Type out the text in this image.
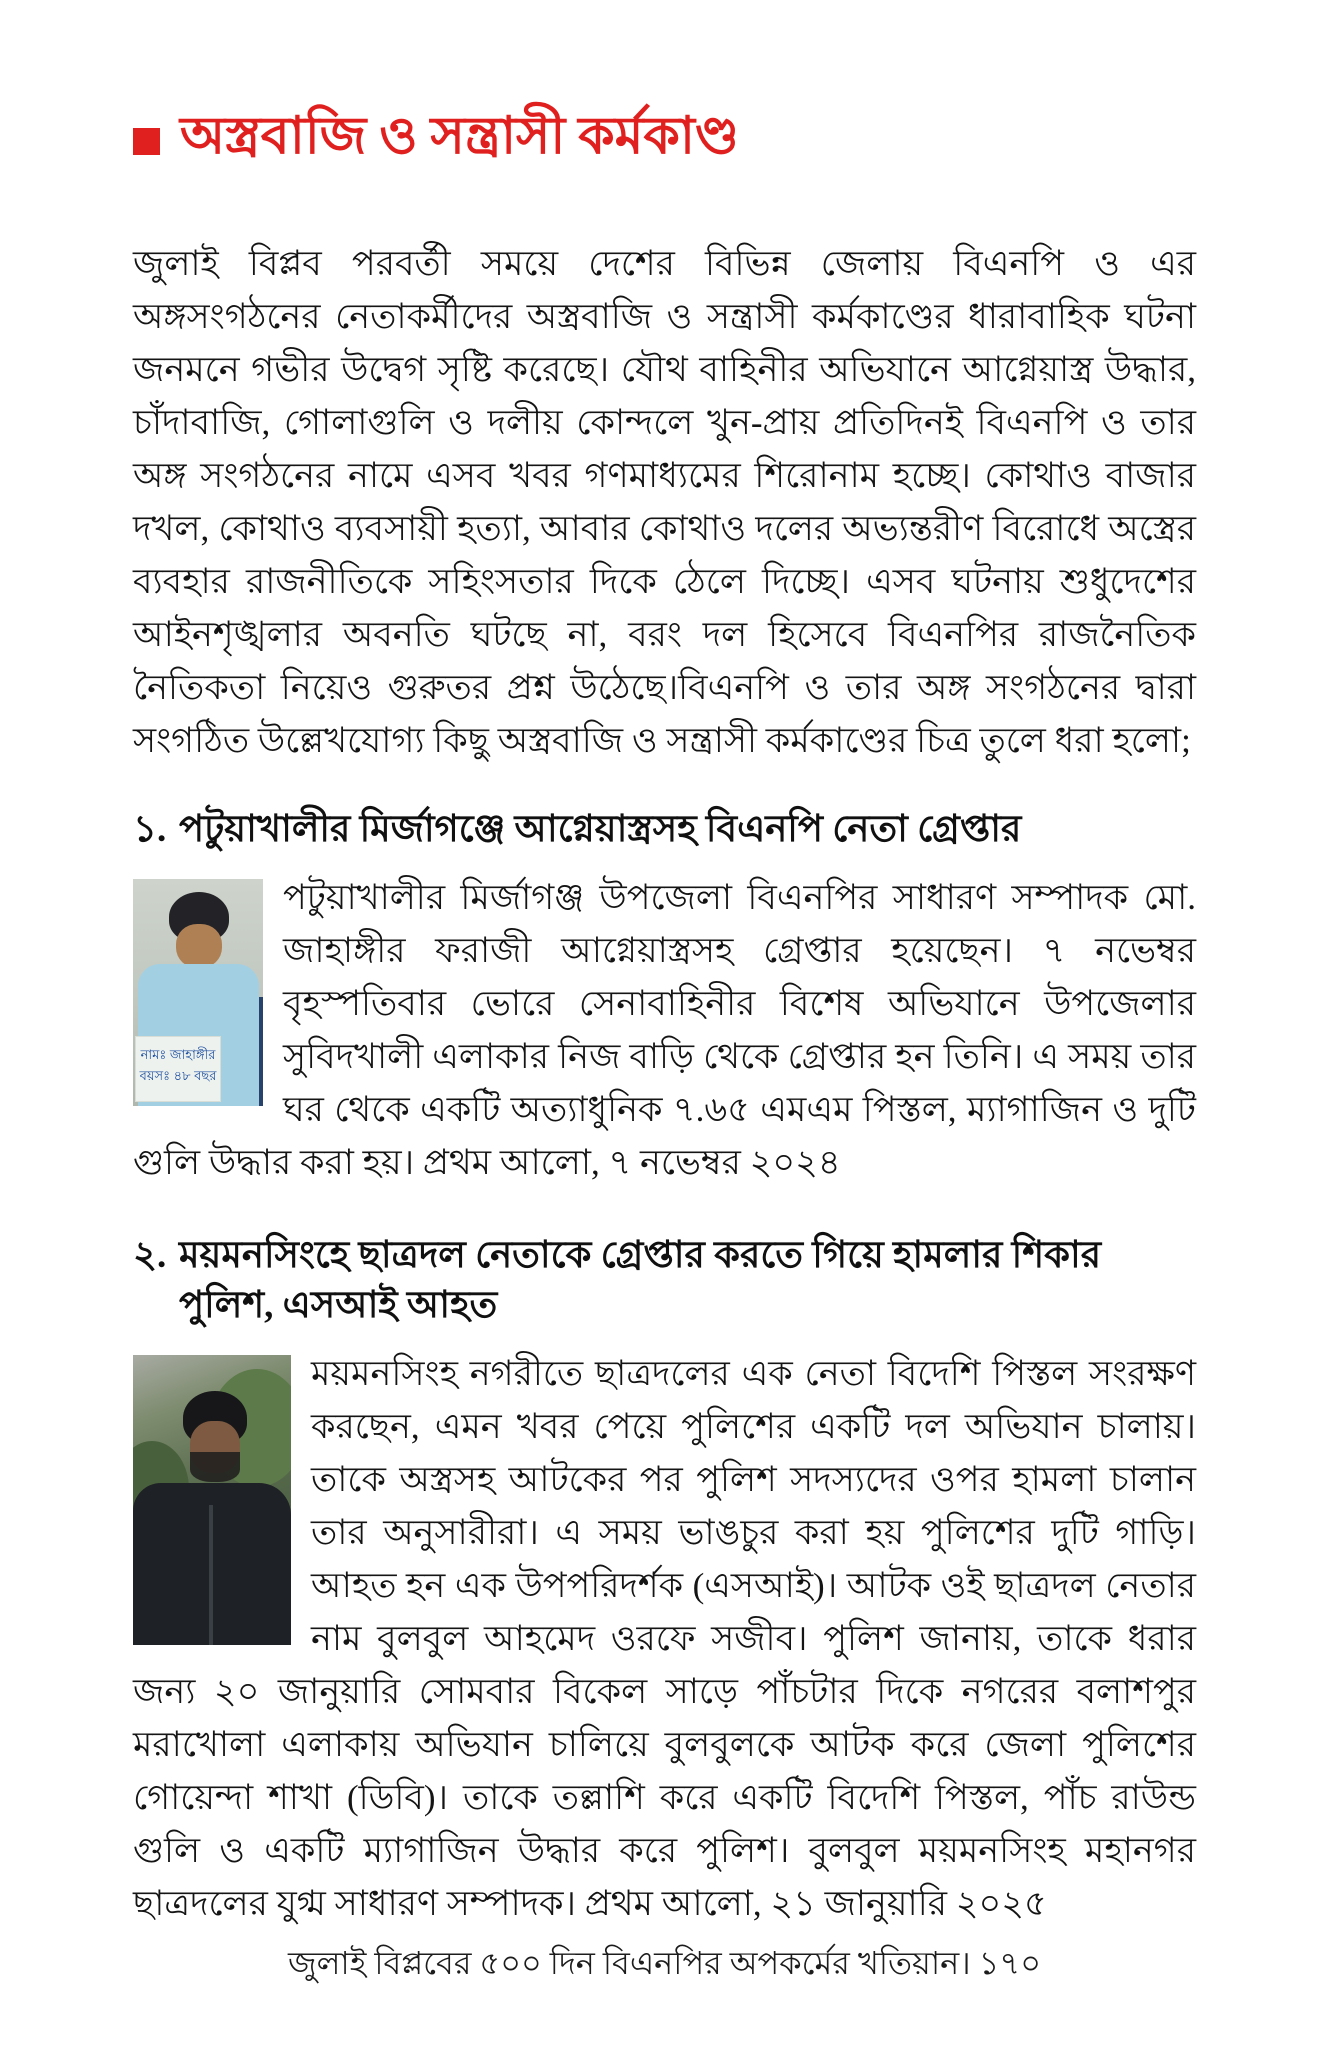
অস্ত্রবাজি ও সন্ত্রাসী কর্মকাণ্ড

জুলাই বিপ্লব পরবর্তী সময়ে দেশের বিভিন্ন জেলায় বিএনপি ও এর অঙ্গসংগঠনের নেতাকর্মীদের অস্ত্রবাজি ও সন্ত্রাসী কর্মকাণ্ডের ধারাবাহিক ঘটনা জনমনে গভীর উদ্বেগ সৃষ্টি করেছে। যৌথ বাহিনীর অভিযানে আগ্নেয়াস্ত্র উদ্ধার, চাঁদাবাজি, গোলাগুলি ও দলীয় কোন্দলে খুন-প্রায় প্রতিদিনই বিএনপি ও তার অঙ্গ সংগঠনের নামে এসব খবর গণমাধ্যমের শিরোনাম হচ্ছে। কোথাও বাজার দখল, কোথাও ব্যবসায়ী হত্যা, আবার কোথাও দলের অভ্যন্তরীণ বিরোধে অস্ত্রের ব্যবহার রাজনীতিকে সহিংসতার দিকে ঠেলে দিচ্ছে। এসব ঘটনায় শুধুদেশের আইনশৃঙ্খলার অবনতি ঘটছে না, বরং দল হিসেবে বিএনপির রাজনৈতিক নৈতিকতা নিয়েও গুরুতর প্রশ্ন উঠেছে।বিএনপি ও তার অঙ্গ সংগঠনের দ্বারা সংগঠিত উল্লেখযোগ্য কিছু অস্ত্রবাজি ও সন্ত্রাসী কর্মকাণ্ডের চিত্র তুলে ধরা হলো;

১. পটুয়াখালীর মির্জাগঞ্জে আগ্নেয়াস্ত্রসহ বিএনপি নেতা গ্রেপ্তার
নামঃ জাহাঙ্গীর
বয়সঃ ৪৮ বছর
পটুয়াখালীর মির্জাগঞ্জ উপজেলা বিএনপির সাধারণ সম্পাদক মো. জাহাঙ্গীর ফরাজী আগ্নেয়াস্ত্রসহ গ্রেপ্তার হয়েছেন। ৭ নভেম্বর বৃহস্পতিবার ভোরে সেনাবাহিনীর বিশেষ অভিযানে উপজেলার সুবিদখালী এলাকার নিজ বাড়ি থেকে গ্রেপ্তার হন তিনি। এ সময় তার ঘর থেকে একটি অত্যাধুনিক ৭.৬৫ এমএম পিস্তল, ম্যাগাজিন ও দুটি গুলি উদ্ধার করা হয়। প্রথম আলো, ৭ নভেম্বর ২০২৪
২. ময়মনসিংহে ছাত্রদল নেতাকে গ্রেপ্তার করতে গিয়ে হামলার শিকার পুলিশ, এসআই আহত
ময়মনসিংহ নগরীতে ছাত্রদলের এক নেতা বিদেশি পিস্তল সংরক্ষণ করছেন, এমন খবর পেয়ে পুলিশের একটি দল অভিযান চালায়। তাকে অস্ত্রসহ আটকের পর পুলিশ সদস্যদের ওপর হামলা চালান তার অনুসারীরা। এ সময় ভাঙচুর করা হয় পুলিশের দুটি গাড়ি। আহত হন এক উপপরিদর্শক (এসআই)। আটক ওই ছাত্রদল নেতার নাম বুলবুল আহমেদ ওরফে সজীব। পুলিশ জানায়, তাকে ধরার জন্য ২০ জানুয়ারি সোমবার বিকেল সাড়ে পাঁচটার দিকে নগরের বলাশপুর মরাখোলা এলাকায় অভিযান চালিয়ে বুলবুলকে আটক করে জেলা পুলিশের গোয়েন্দা শাখা (ডিবি)। তাকে তল্লাশি করে একটি বিদেশি পিস্তল, পাঁচ রাউন্ড গুলি ও একটি ম্যাগাজিন উদ্ধার করে পুলিশ। বুলবুল ময়মনসিংহ মহানগর ছাত্রদলের যুগ্ম সাধারণ সম্পাদক। প্রথম আলো, ২১ জানুয়ারি ২০২৫
জুলাই বিপ্লবের ৫০০ দিন বিএনপির অপকর্মের খতিয়ান। ১৭০
